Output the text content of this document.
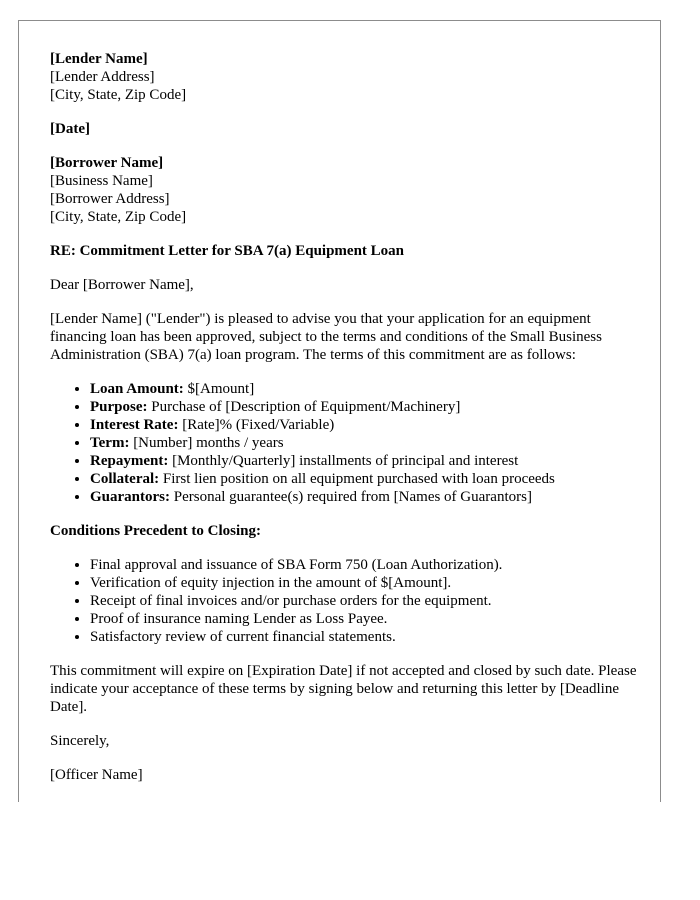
[Lender Name]
[Lender Address]
[City, State, Zip Code]
[Date]
[Borrower Name]
[Business Name]
[Borrower Address]
[City, State, Zip Code]

RE: Commitment Letter for SBA 7(a) Equipment Loan

Dear [Borrower Name],

[Lender Name] ("Lender") is pleased to advise you that your application for an equipment financing loan has been approved, subject to the terms and conditions of the Small Business Administration (SBA) 7(a) loan program. The terms of this commitment are as follows:

• Loan Amount: $[Amount]
• Purpose: Purchase of [Description of Equipment/Machinery]
• Interest Rate: [Rate]% (Fixed/Variable)
• Term: [Number] months / years
• Repayment: [Monthly/Quarterly] installments of principal and interest
• Collateral: First lien position on all equipment purchased with loan proceeds
• Guarantors: Personal guarantee(s) required from [Names of Guarantors]

Conditions Precedent to Closing:

• Final approval and issuance of SBA Form 750 (Loan Authorization).
• Verification of equity injection in the amount of $[Amount].
• Receipt of final invoices and/or purchase orders for the equipment.
• Proof of insurance naming Lender as Loss Payee.
• Satisfactory review of current financial statements.

This commitment will expire on [Expiration Date] if not accepted and closed by such date. Please indicate your acceptance of these terms by signing below and returning this letter by [Deadline Date].

Sincerely,

[Officer Name]
